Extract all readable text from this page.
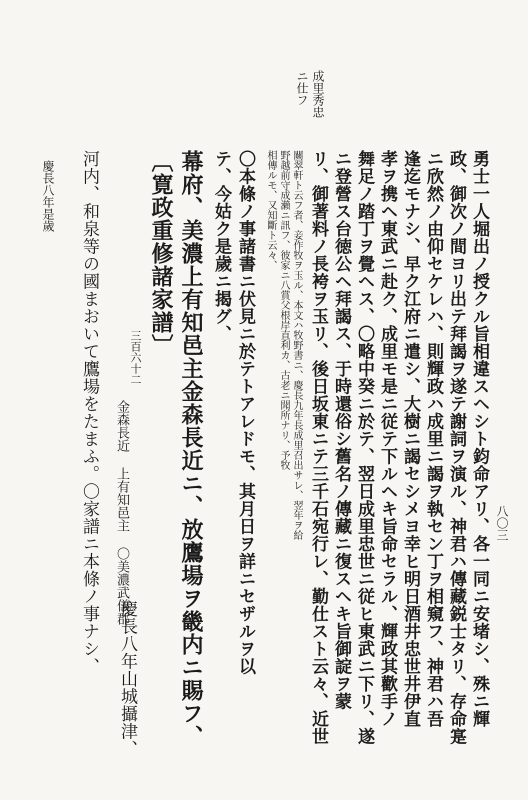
成里秀忠
ニ仕フ
八〇三
勇士一人堀出ノ授クル旨相違スヘシト鈞命アリ、各一同ニ安堵シ、殊ニ輝
政、御次ノ間ヨリ出テ拜謁ヲ遂テ謝詞ヲ演ル、神君ハ傳藏鋭士タリ、存命寔
ニ欣然ノ由仰セケレハ、則輝政ハ成里ニ謁ヲ執セン丁ヲ相窺フ、神君ハ吾
逢迄モナシ、早ク江府ニ遣シ、大樹ニ謁セシメヨ幸ヒ明日酒井忠世井伊直
孝ヲ携ヘ東武ニ赴ク、成里モ是ニ従テ下ルヘキ旨命セラル、輝政其歡手ノ
舞足ノ踏丁ヲ覺ヘス、〇略中癸ニ於テ、翌日成里忠世ニ従ヒ東武ニ下リ、遂
ニ登營ス台徳公ヘ拜謁ス、于時還俗シ舊名ノ傳藏ニ復スヘキ旨御諚ヲ蒙
リ、御著料ノ長袴ヲ玉リ、後日坂東ニテ三千石宛行レ、勤仕スト云々、近世
關翠軒ト云フ者、妾作牧ヲ玉ル、本文ハ牧野書ニ、慶長九年長成里召出サレ、翌年ヲ給
野越前守成瀨ニ訊フ、彼家ニ八賞父根岸直利カ、古老ニ聞所ナリ、予牧
相傳ルモ、又知斷ト云々、
〇本條ノ事諸書ニ伏見ニ於テトアレドモ、其月日ヲ詳ニセザルヲ以
テ、今姑ク是歲ニ揭グ、
幕府、美濃上有知邑主金森長近ニ、放鷹場ヲ畿内ニ賜フ、
〔寛政重修諸家譜〕
三百六十二
金森長近 上有知邑主 〇美濃武儀郡
慶長八年山城攝津、
河内、和泉等の國まおいて鷹場をたまふ。〇家譜ニ本條ノ事ナシ、
慶長八年是歲
